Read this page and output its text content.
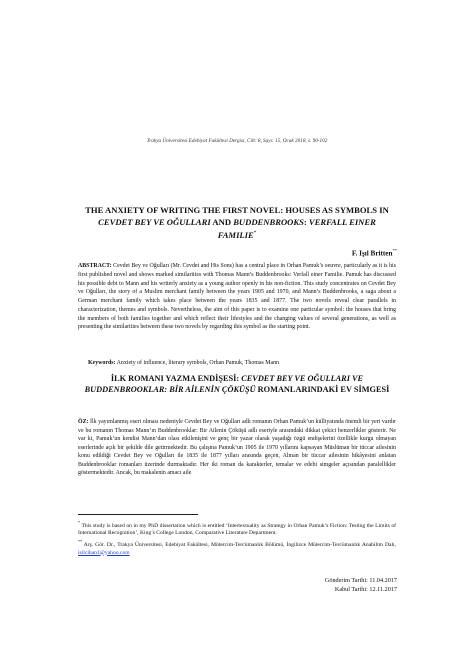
Trakya Üniversitesi Edebiyat Fakültesi Dergisi, Cilt: 8, Sayı: 15, Ocak 2018, s. 90-102
THE ANXIETY OF WRITING THE FIRST NOVEL: HOUSES AS SYMBOLS IN CEVDET BEY VE OĞULLARI AND BUDDENBROOKS: VERFALL EINER FAMILIE*
F. Işıl Britten**
ABSTRACT: Cevdet Bey ve Oğulları (Mr. Cevdet and His Sons) has a central place in Orhan Pamuk’s oeuvre, particularly as it is his first published novel and shows marked similarities with Thomas Mann’s Buddenbrooks: Verfall einer Familie. Pamuk has discussed his possible debt to Mann and his writerly anxiety as a young author openly in his non-fiction. This study concentrates on Cevdet Bey ve Oğulları, the story of a Muslim merchant family between the years 1905 and 1970, and Mann’s Buddenbrooks, a saga about a German merchant family which takes place between the years 1835 and 1877. The two novels reveal clear parallels in characterization, themes and symbols. Nevertheless, the aim of this paper is to examine one particular symbol: the houses that bring the members of both families together and which reflect their lifestyles and the changing values of several generations, as well as presenting the similarities between these two novels by regarding this symbol as the starting point.
Keywords: Anxiety of influence, literary symbols, Orhan Pamuk, Thomas Mann
İLK ROMANI YAZMA ENDİŞESİ: CEVDET BEY VE OĞULLARI VE BUDDENBROOKLAR: BİR AİLENİN ÇÖKÜŞÜ ROMANLARINDAKİ EV SİMGESİ
ÖZ: İlk yayımlanmış eseri olması nedeniyle Cevdet Bey ve Oğulları adlı romanın Orhan Pamuk’un külliyatında önemli bir yeri vardır ve bu romanın Thomas Mann’ın Buddenbrooklar: Bir Ailenin Çöküşü adlı eseriyle arasındaki dikkat çekici benzerlikler gösterir. Ne var ki, Pamuk’un kendisi Mann’dan olası etkilenişini ve genç bir yazar olarak yaşadığı özgü endişelerini özellikle kurgu olmayan eserlerinde açık bir şekilde dile getirmektedir. Bu çalışma Pamuk’un 1905 ile 1970 yıllarını kapsayan Müslüman bir tüccar ailesinin konu edildiği Cevdet Bey ve Oğulları ile 1835 ile 1877 yılları arasında geçen, Alman bir tüccar ailesinin hikâyesini anlatan Buddenbrooklar romanları üzerinde durmaktadır. Her iki roman da karakterler, temalar ve edebi simgeler açısından paralellikler göstermektedir. Ancak, bu makalenin amacı aile
* This study is based on in my PhD dissertation which is entitled ‘Intertextuality as Strategy in Orhan Pamuk’s Fiction: Testing the Limits of International Recognition’, King’s College London, Comparative Literature Department.
** Arş. Gör. Dr., Trakya Üniversitesi, Edebiyat Fakültesi, Mütercim-Tercümanlık Bölümü, İngilizce Mütercim-Tercümanlık Anabilim Dalı, isilcihan1@yahoo.com
Gönderim Tarihi: 11.04.2017
Kabul Tarihi: 12.11.2017
